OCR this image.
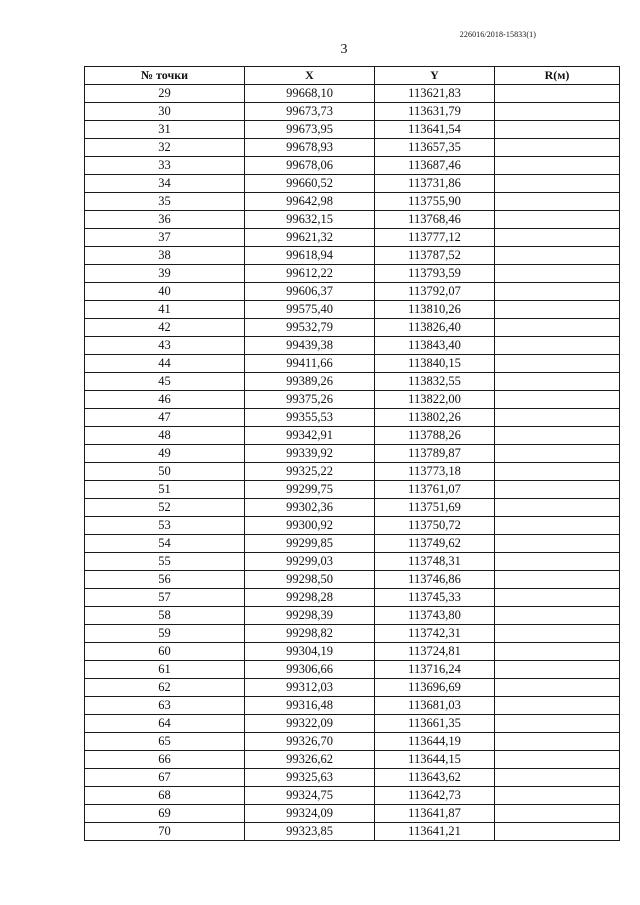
226016/2018-15833(1)
3
№ точки	X	Y	R(м)
29	99668,10	113621,83	
30	99673,73	113631,79	
31	99673,95	113641,54	
32	99678,93	113657,35	
33	99678,06	113687,46	
34	99660,52	113731,86	
35	99642,98	113755,90	
36	99632,15	113768,46	
37	99621,32	113777,12	
38	99618,94	113787,52	
39	99612,22	113793,59	
40	99606,37	113792,07	
41	99575,40	113810,26	
42	99532,79	113826,40	
43	99439,38	113843,40	
44	99411,66	113840,15	
45	99389,26	113832,55	
46	99375,26	113822,00	
47	99355,53	113802,26	
48	99342,91	113788,26	
49	99339,92	113789,87	
50	99325,22	113773,18	
51	99299,75	113761,07	
52	99302,36	113751,69	
53	99300,92	113750,72	
54	99299,85	113749,62	
55	99299,03	113748,31	
56	99298,50	113746,86	
57	99298,28	113745,33	
58	99298,39	113743,80	
59	99298,82	113742,31	
60	99304,19	113724,81	
61	99306,66	113716,24	
62	99312,03	113696,69	
63	99316,48	113681,03	
64	99322,09	113661,35	
65	99326,70	113644,19	
66	99326,62	113644,15	
67	99325,63	113643,62	
68	99324,75	113642,73	
69	99324,09	113641,87	
70	99323,85	113641,21	
